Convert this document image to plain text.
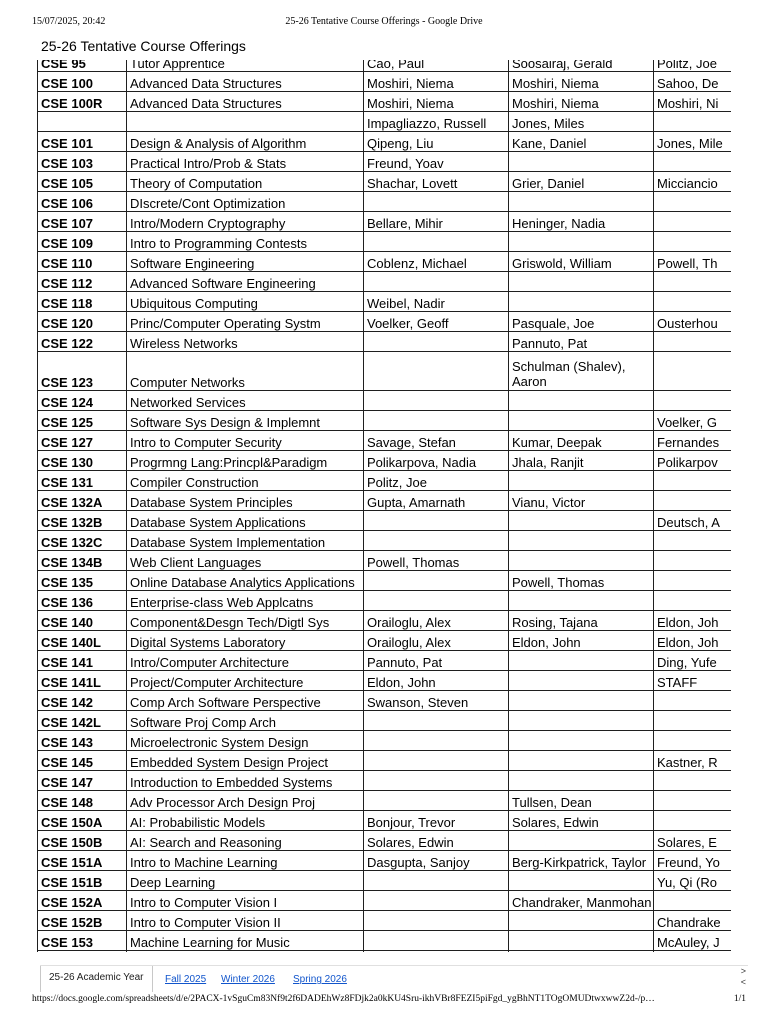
15/07/2025, 20:42	25-26 Tentative Course Offerings - Google Drive
25-26 Tentative Course Offerings
CSE 95	Tutor Apprentice	Cao, Paul	Soosairaj, Gerald	Politz, Joe
CSE 100	Advanced Data Structures	Moshiri, Niema	Moshiri, Niema	Sahoo, De
CSE 100R	Advanced Data Structures	Moshiri, Niema	Moshiri, Niema	Moshiri, Ni
		Impagliazzo, Russell	Jones, Miles	
CSE 101	Design & Analysis of Algorithm	Qipeng, Liu	Kane, Daniel	Jones, Mile
CSE 103	Practical Intro/Prob & Stats	Freund, Yoav		
CSE 105	Theory of Computation	Shachar, Lovett	Grier, Daniel	Micciancio
CSE 106	DIscrete/Cont Optimization			
CSE 107	Intro/Modern Cryptography	Bellare, Mihir	Heninger, Nadia	
CSE 109	Intro to Programming Contests			
CSE 110	Software Engineering	Coblenz, Michael	Griswold, William	Powell, Th
CSE 112	Advanced Software Engineering			
CSE 118	Ubiquitous Computing	Weibel, Nadir		
CSE 120	Princ/Computer Operating Systm	Voelker, Geoff	Pasquale, Joe	Ousterhou
CSE 122	Wireless Networks		Pannuto, Pat	
CSE 123	Computer Networks		Schulman (Shalev), Aaron	
CSE 124	Networked Services			
CSE 125	Software Sys Design & Implemnt			Voelker, G
CSE 127	Intro to Computer Security	Savage, Stefan	Kumar, Deepak	Fernandes
CSE 130	Progrmng Lang:Princpl&Paradigm	Polikarpova, Nadia	Jhala, Ranjit	Polikarpov
CSE 131	Compiler Construction	Politz, Joe		
CSE 132A	Database System Principles	Gupta, Amarnath	Vianu, Victor	
CSE 132B	Database System Applications			Deutsch, A
CSE 132C	Database System Implementation			
CSE 134B	Web Client Languages	Powell, Thomas		
CSE 135	Online Database Analytics Applications		Powell, Thomas	
CSE 136	Enterprise-class Web Applcatns			
CSE 140	Component&Desgn Tech/Digtl Sys	Orailoglu, Alex	Rosing, Tajana	Eldon, Joh
CSE 140L	Digital Systems Laboratory	Orailoglu, Alex	Eldon, John	Eldon, Joh
CSE 141	Intro/Computer Architecture	Pannuto, Pat		Ding, Yufe
CSE 141L	Project/Computer Architecture	Eldon, John		STAFF
CSE 142	Comp Arch Software Perspective	Swanson, Steven		
CSE 142L	Software Proj Comp Arch			
CSE 143	Microelectronic System Design			
CSE 145	Embedded System Design Project			Kastner, R
CSE 147	Introduction to Embedded Systems			
CSE 148	Adv Processor Arch Design Proj		Tullsen, Dean	
CSE 150A	AI: Probabilistic Models	Bonjour, Trevor	Solares, Edwin	
CSE 150B	AI: Search and Reasoning	Solares, Edwin		Solares, E
CSE 151A	Intro to Machine Learning	Dasgupta, Sanjoy	Berg-Kirkpatrick, Taylor	Freund, Yo
CSE 151B	Deep Learning			Yu, Qi (Ro
CSE 152A	Intro to Computer Vision I		Chandraker, Manmohan	
CSE 152B	Intro to Computer Vision II			Chandrake
CSE 153	Machine Learning for Music			McAuley, J

25-26 Academic Year	Fall 2025 Winter 2026 Spring 2026
>
<
https://docs.google.com/spreadsheets/d/e/2PACX-1vSguCm83Nf9t2f6DADEhWz8FDjk2a0kKU4Sru-ikhVBr8FEZI5piFgd_ygBhNT1TOgOMUDtwxwwZ2d-/p…	1/1
